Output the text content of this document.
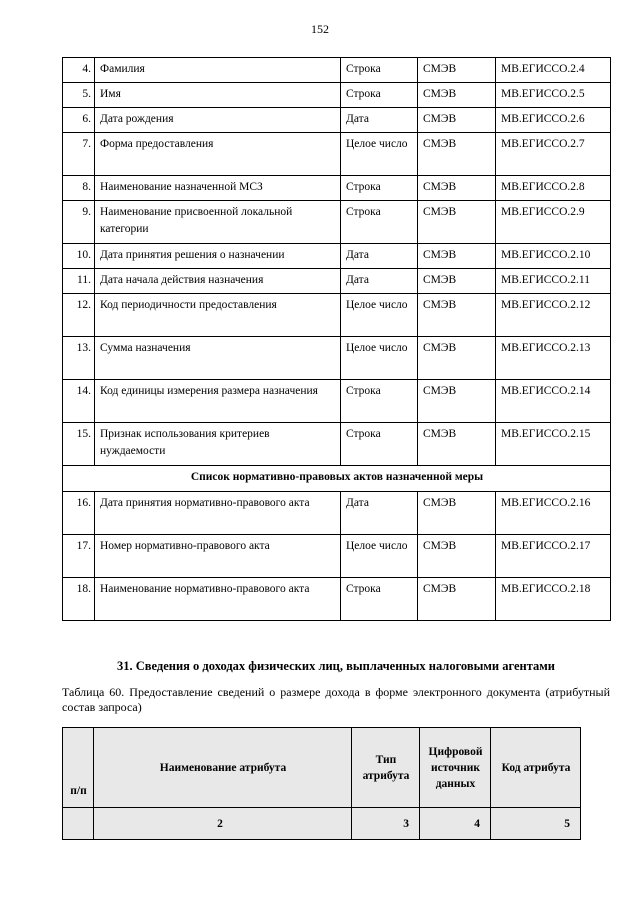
152
4.	Фамилия	Строка	СМЭВ	МВ.ЕГИССО.2.4
5.	Имя	Строка	СМЭВ	МВ.ЕГИССО.2.5
6.	Дата рождения	Дата	СМЭВ	МВ.ЕГИССО.2.6
7.	Форма предоставления	Целое число	СМЭВ	МВ.ЕГИССО.2.7
8.	Наименование назначенной МСЗ	Строка	СМЭВ	МВ.ЕГИССО.2.8
9.	Наименование присвоенной локальной категории	Строка	СМЭВ	МВ.ЕГИССО.2.9
10.	Дата принятия решения о назначении	Дата	СМЭВ	МВ.ЕГИССО.2.10
11.	Дата начала действия назначения	Дата	СМЭВ	МВ.ЕГИССО.2.11
12.	Код периодичности предоставления	Целое число	СМЭВ	МВ.ЕГИССО.2.12
13.	Сумма назначения	Целое число	СМЭВ	МВ.ЕГИССО.2.13
14.	Код единицы измерения размера назначения	Строка	СМЭВ	МВ.ЕГИССО.2.14
15.	Признак использования критериев нуждаемости	Строка	СМЭВ	МВ.ЕГИССО.2.15
Список нормативно-правовых актов назначенной меры				
16.	Дата принятия нормативно-правового акта	Дата	СМЭВ	МВ.ЕГИССО.2.16
17.	Номер нормативно-правового акта	Целое число	СМЭВ	МВ.ЕГИССО.2.17
18.	Наименование нормативно-правового акта	Строка	СМЭВ	МВ.ЕГИССО.2.18
31. Сведения о доходах физических лиц, выплаченных налоговыми агентами
Таблица 60. Предоставление сведений о размере дохода в форме электронного документа (атрибутный состав запроса)
п/п	Наименование атрибута	Тип атрибута	Цифровой источник данных	Код атрибута
	2	3	4	5
